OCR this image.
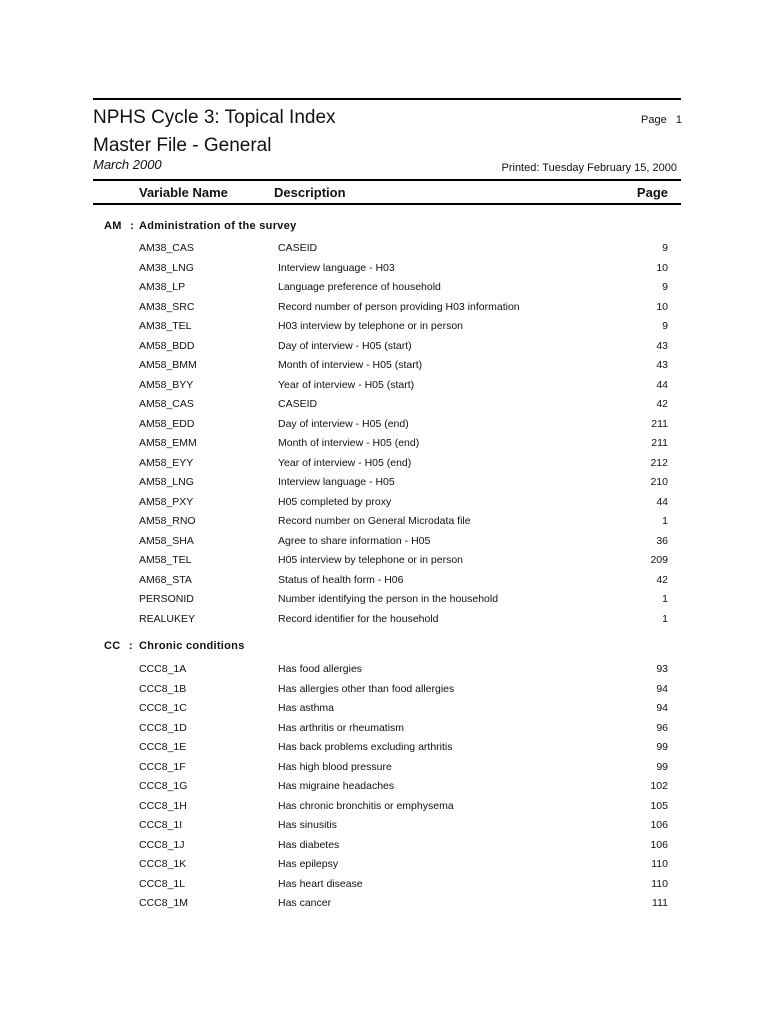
NPHS Cycle 3: Topical Index	Page 1
Master File - General
March 2000	Printed: Tuesday February 15, 2000
Variable Name	Description	Page
AM : Administration of the survey
AM38_CAS	CASEID	9
AM38_LNG	Interview language - H03	10
AM38_LP	Language preference of household	9
AM38_SRC	Record number of person providing H03 information	10
AM38_TEL	H03 interview by telephone or in person	9
AM58_BDD	Day of interview - H05 (start)	43
AM58_BMM	Month of interview - H05 (start)	43
AM58_BYY	Year of interview - H05 (start)	44
AM58_CAS	CASEID	42
AM58_EDD	Day of interview - H05 (end)	211
AM58_EMM	Month of interview - H05 (end)	211
AM58_EYY	Year of interview - H05 (end)	212
AM58_LNG	Interview language - H05	210
AM58_PXY	H05 completed by proxy	44
AM58_RNO	Record number on General Microdata file	1
AM58_SHA	Agree to share information - H05	36
AM58_TEL	H05 interview by telephone or in person	209
AM68_STA	Status of health form - H06	42
PERSONID	Number identifying the person in the household	1
REALUKEY	Record identifier for the household	1
CC : Chronic conditions
CCC8_1A	Has food allergies	93
CCC8_1B	Has allergies other than food allergies	94
CCC8_1C	Has asthma	94
CCC8_1D	Has arthritis or rheumatism	96
CCC8_1E	Has back problems excluding arthritis	99
CCC8_1F	Has high blood pressure	99
CCC8_1G	Has migraine headaches	102
CCC8_1H	Has chronic bronchitis or emphysema	105
CCC8_1I	Has sinusitis	106
CCC8_1J	Has diabetes	106
CCC8_1K	Has epilepsy	110
CCC8_1L	Has heart disease	110
CCC8_1M	Has cancer	111
